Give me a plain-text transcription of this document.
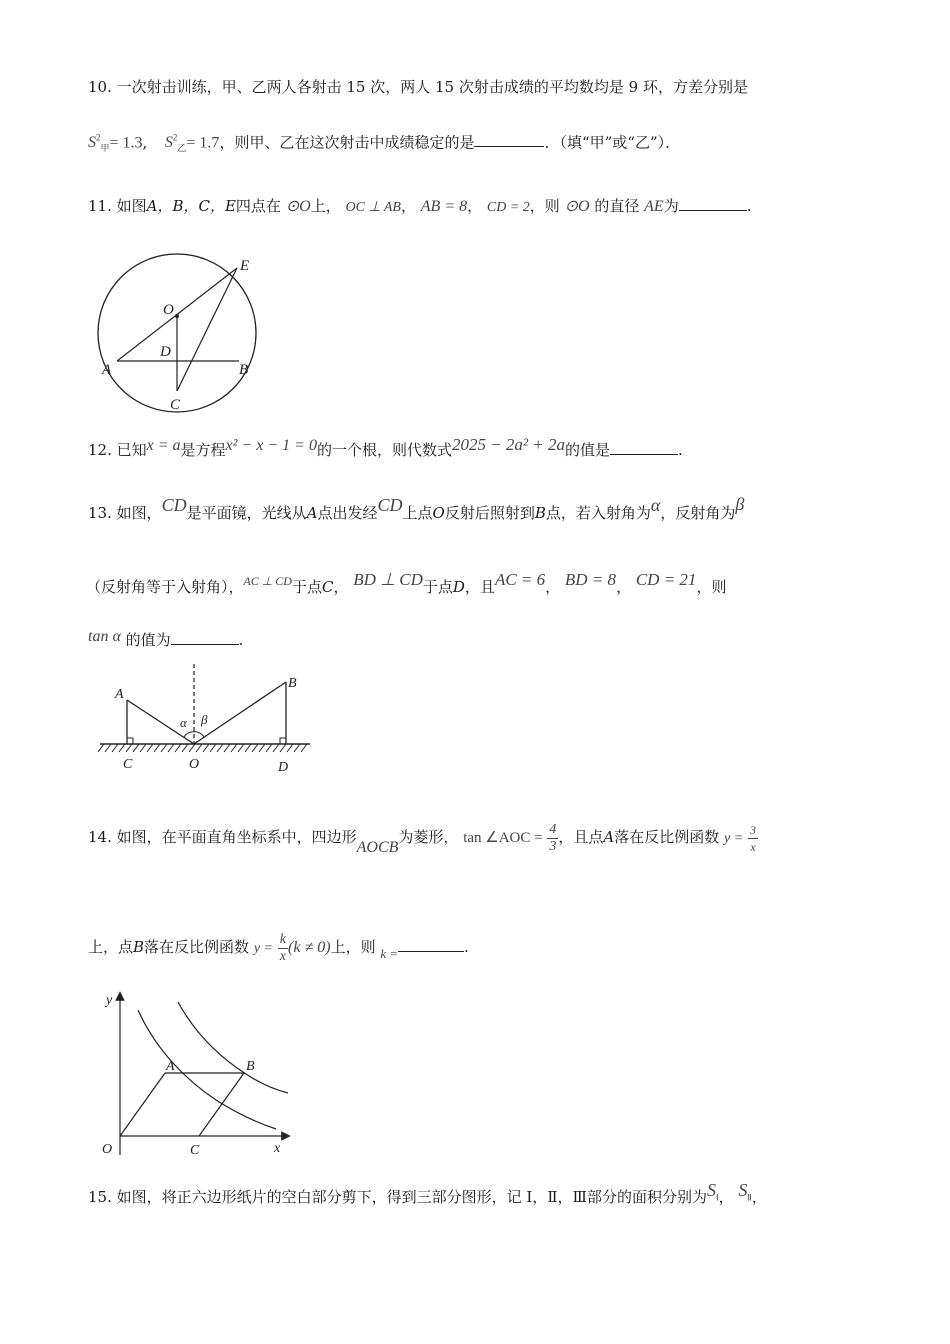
10. 一次射击训练，甲、乙两人各射击 15 次，两人 15 次射击成绩的平均数均是 9 环，方差分别是
$S^2_甲= 1.3$, $S^2_乙= 1.7$，则甲、乙在这次射击中成绩稳定的是	．（填“甲”或“乙”）．
11. 如图A，B，C，E四点在 ⊙O上， OC ⊥ AB， AB = 8， CD = 2，则 ⊙O 的直径 AE为	.
E
O
D
A	B
C
12. 已知x = a是方程x² − x − 1 = 0的一个根，则代数式2025 − 2a² + 2a的值是	.
13. 如图，CD是平面镜，光线从A点出发经CD上点O反射后照射到B点，若入射角为α，反射角为β
（反射角等于入射角），$^{AC \perp CD}$于点C， BD ⊥ CD于点D，且AC = 6， BD = 8， CD = 21，则
tan α 的值为	.
α β
A
B
C	O	D
14. 如图，在平面直角坐标系中，四边形AOCB为菱形， tan ∠AOC = $\frac{4}{3}$ ，且点A落在反比例函数 $y = \frac{3}{x}$
上，点B落在反比例函数 $y = \frac{k}{x} (k \ne 0)$上，则 k =	.
y
x
A	B
O	C
15. 如图，将正六边形纸片的空白部分剪下，得到三部分图形，记 I，Ⅱ，Ⅲ部分的面积分别为$S_Ⅰ$， $S_Ⅱ$，
